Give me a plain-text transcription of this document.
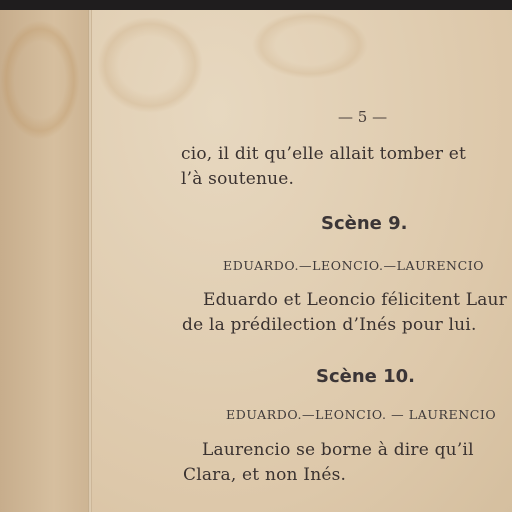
— 5 —
cio, il dit qu’elle allait tomber et
l’à soutenue.
Scène 9.
EDUARDO.—LEONCIO.—LAURENCIO
Eduardo et Leoncio félicitent Laur
de la prédilection d’Inés pour lui.
Scène 10.
EDUARDO.—LEONCIO. — LAURENCIO
Laurencio se borne à dire qu’il
Clara, et non Inés.
